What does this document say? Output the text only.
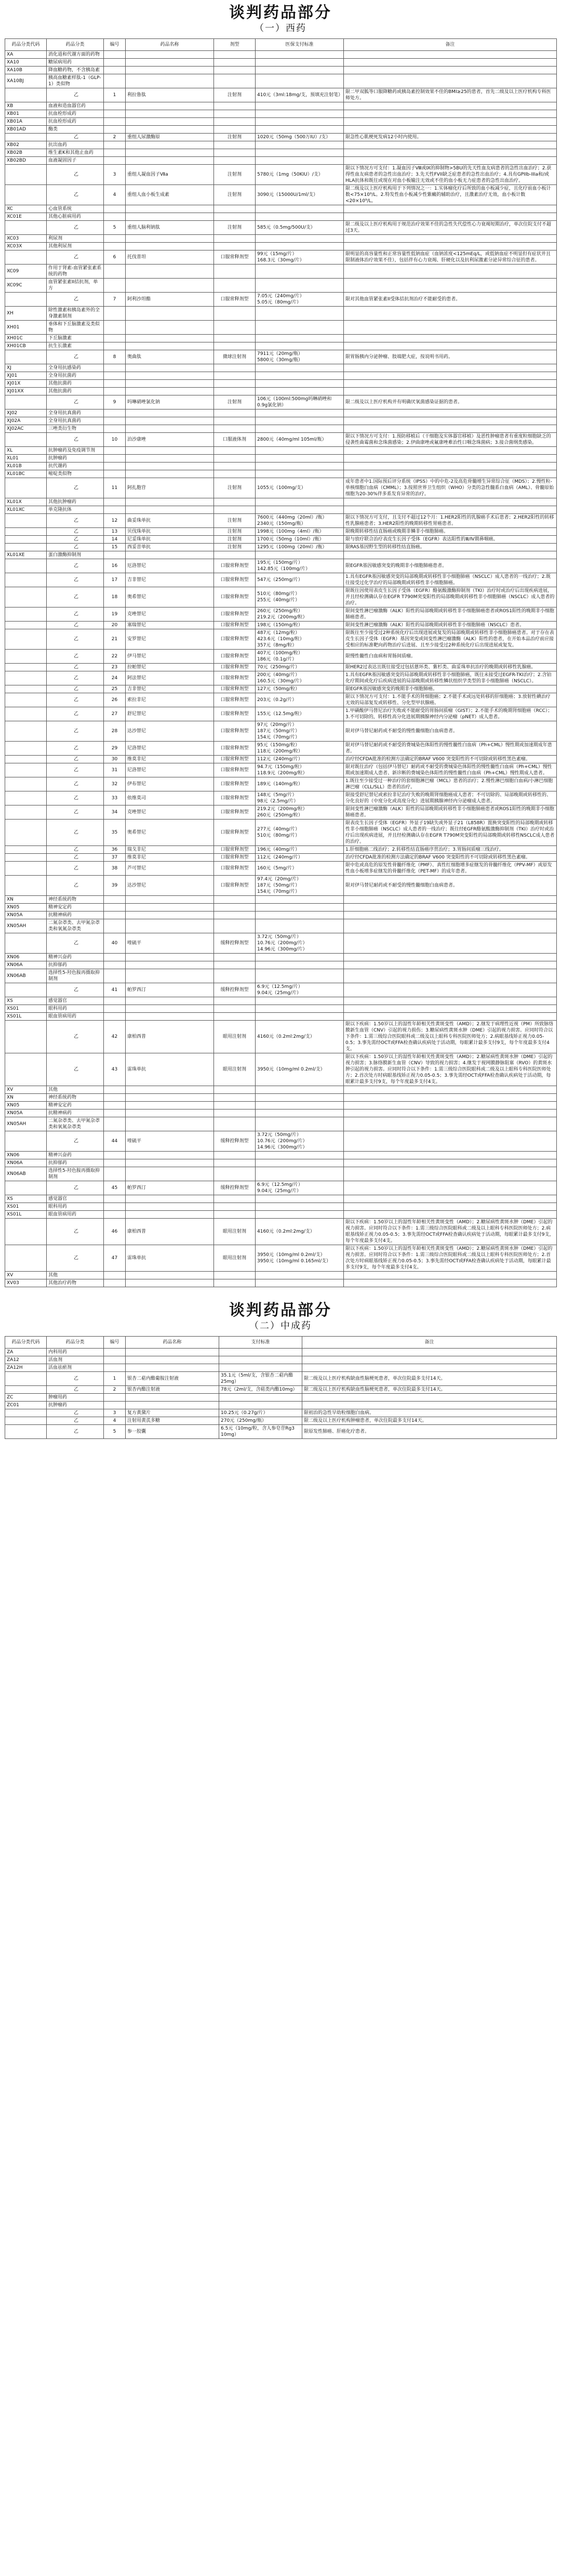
谈判药品部分
（一）西药
药品分类代码	药品分类	编号	药品名称	剂型	医保支付标准	备注
XA	消化道和代谢方面的药物					
XA10	糖尿病用药					
XA10B	降血糖药物，不含胰岛素					
XA10BJ	胰高血糖素样肽-1（GLP-1）类似物					
	乙	1	利拉鲁肽	注射剂	410元（3ml:18mg/支，预填充注射笔）	限二甲双胍等口服降糖药或胰岛素控制效果不佳的BMI≥25的患者，首先二级及以上医疗机构专科医师处方。
XB	血液和造血器官药					
XB01	抗血栓形成药					
XB01A	抗血栓形成药					
XB01AD	酶类					
	乙	2	重组人尿激酶原	注射剂	1020元（50mg（500万IU）/支）	限急性心肌梗死发病12小时内使用。
XB02	抗出血药					
XB02B	维生素K和其他止血药					
XB02BD	血液凝固因子					
	乙	3	重组人凝血因子Ⅶa	注射剂	5780元（1mg（50KIU）/支）	限以下情况方可支付：1.凝血因子Ⅷ或Ⅸ的抑制物>5BU的先天性血友病患者的急性出血治疗；2.获得性血友病患者的急性出血治疗；3.先天性FVII缺乏症患者的急性出血治疗；4.具有GPIIb-IIIa和/或HLA抗体和既往或现在对血小板输注无效或不佳的血小板无力症患者的急性出血治疗。
	乙	4	重组人血小板生成素	注射剂	3090元（15000U/1ml/支）	限二级及以上医疗机构用于下列情况之一：1.实体瘤化疗后所致的血小板减少症，且化疗前血小板计数<75×10⁹/L。2.特发性血小板减少性紫癜的辅助治疗，且激素治疗无效，血小板计数<20×10⁹/L。
XC	心血管系统					
XC01E	其他心脏病用药					
	乙	5	重组人脑利钠肽	注射剂	585元（0.5mg/500U/支）	限二级及以上医疗机构用于规范治疗效果不佳的急性失代偿性心力衰竭短期治疗，单次住院支付不超过3天。
XC03	利尿剂					
XC03X	其他利尿剂					
	乙	6	托伐普坦	口服常释剂型	99元（15mg/片）
168.3元（30mg/片）	限明显的高容量性和正常容量性低钠血症（血钠浓度<125mEq/L，或低钠血症不明显但有症状并且限制液体治疗效果不佳），包括伴有心力衰竭、肝硬化以及抗利尿激素分泌异常综合征的患者。
XC09	作用于肾素-血管紧张素系统的药物					
XC09C	血管紧张素II拮抗剂，单方					
	乙	7	阿利沙坦酯	口服常释剂型	7.05元（240mg/片）
5.05元（80mg/片）	限对其他血管紧张素II受体拮抗剂治疗不能耐受的患者。
XH	除性激素和胰岛素外的全身激素制剂					
XH01	垂体和下丘脑激素及类似物					
XH01C	下丘脑激素					
XH01CB	抗生长激素					
	乙	8	奥曲肽	微球注射剂	7911元（20mg/瓶）
5800元（30mg/瓶）	限胃肠胰内分泌肿瘤、肢端肥大症，按说明书用药。
XJ	全身用抗感染药					
XJ01	全身用抗菌药					
XJ01X	其他抗菌药					
XJ01XX	其他抗菌药					
	乙	9	吗啉硝唑氯化钠	注射剂	106元（100ml:500mg吗啉硝唑和0.9g氯化钠）	限二级及以上医疗机构并有明确厌氧菌感染证据的患者。
XJ02	全身用抗真菌药					
XJ02A	全身用抗真菌药					
XJ02AC	三唑类衍生物					
	乙	10	泊沙康唑	口服液体剂	2800元（40mg/ml 105ml/瓶）	限以下情况方可支付：1.预防移植后（干细胞及实体器官移植）及恶性肿瘤患者有重度粒细胞缺乏的侵袭性曲霉菌和念珠菌感染；2.伊曲康唑或氟康唑难治性口咽念珠菌病；3.接合菌纲类感染。
XL	抗肿瘤药及免疫调节剂					
XL01	抗肿瘤药					
XL01B	抗代谢药					
XL01BC	嘧啶类似物					
	乙	11	阿扎胞苷	注射剂	1055元（100mg/支）	成年患者中1.国际预后评分系统（IPSS）中的中危-2及高危骨髓增生异常综合征（MDS）；2.慢性粒-单核细胞白血病（CMML）；3.按照世界卫生组织（WHO）分类的急性髓系白血病（AML）、骨髓原始细胞为20-30%伴多系发育异常的治疗。
XL01X	其他抗肿瘤药					
XL01XC	单克隆抗体					
	乙	12	曲妥珠单抗	注射剂	7600元（440mg（20ml）/瓶）
2340元（150mg/瓶）	限以下情况方可支付，且支付不超过12个月：1.HER2阳性的乳腺癌手术后患者；2.HER2阳性的转移性乳腺癌患者；3.HER2阳性的晚期转移性胃癌患者。
	乙	13	贝伐珠单抗	注射剂	1998元（100mg（4ml）/瓶）	限晚期转移性结直肠癌或晚期非鳞非小细胞肺癌。
	乙	14	尼妥珠单抗	注射剂	1700元（50mg（10ml）/瓶）	限与放疗联合治疗表皮生长因子受体（EGFR）表达阳性的Ⅲ/Ⅳ期鼻咽癌。
	乙	15	西妥昔单抗	注射剂	1295元（100mg（20ml）/瓶）	限RAS基因野生型的转移性结直肠癌。
XL01XE	蛋白激酶抑制剂					
	乙	16	厄洛替尼	口服常释剂型	195元（150mg/片）
142.85元（100mg/片）	限EGFR基因敏感突变的晚期非小细胞肺癌患者。
	乙	17	吉非替尼	口服常释剂型	547元（250mg/片）	1.具有EGFR基因敏感突变的局部晚期或转移性非小细胞肺癌（NSCLC）成人患者的一线治疗；2.既往接受过化学治疗的局部晚期或转移性非小细胞肺癌。
	乙	18	奥希替尼	口服常释剂型	510元（80mg/片）
255元（40mg/片）	限既往因使用表皮生长因子受体（EGFR）酪氨酸激酶抑制剂（TKI）治疗时或治疗后出现疾病进展，并且经检测确认存在EGFR T790M突变阳性的局部晚期或转移性非小细胞肺癌（NSCLC）成人患者的治疗。
	乙	19	克唑替尼	口服常释剂型	260元（250mg/粒）
219.2元（200mg/粒）	限间变性淋巴瘤激酶（ALK）阳性的局部晚期或转移性非小细胞肺癌患者或ROS1阳性的晚期非小细胞肺癌患者。
	乙	20	塞瑞替尼	口服常释剂型	198元（150mg/粒）	限间变性淋巴瘤激酶（ALK）阳性的局部晚期或转移性非小细胞肺癌（NSCLC）患者。
	乙	21	安罗替尼	口服常释剂型	487元（12mg/粒）
423.6元（10mg/粒）
357元（8mg/粒）	限既往至少接受过2种系统化疗后出现进展或复发的局部晚期或转移性非小细胞肺癌患者。对于存在表皮生长因子受体（EGFR）基因突变或间变性淋巴瘤激酶（ALK）阳性的患者，在开始本品治疗前应接受相应的标准靶向药物治疗后进展、且至少接受过2种系统化疗后出现进展或复发。
	乙	22	伊马替尼	口服常释剂型	407元（100mg/粒）
186元（0.1g/片）	限慢性髓性白血病和胃肠间质瘤。
	乙	23	拉帕替尼	口服常释剂型	70元（250mg/片）	限HER2过表达且既往接受过包括蒽环类、紫杉类、曲妥珠单抗治疗的晚期或转移性乳腺癌。
	乙	24	阿法替尼	口服常释剂型	200元（40mg/片）
160.5元（30mg/片）	1.具有EGFR基因敏感突变的局部晚期或转移性非小细胞肺癌，既往未接受过EGFR-TKI治疗；2.含铂化疗期间或化疗后疾病进展的局部晚期或转移性鳞状组织学类型的非小细胞肺癌（NSCLC）。
	乙	25	吉非替尼	口服常释剂型	127元（50mg/粒）	限EGFR基因敏感突变的晚期非小细胞肺癌。
	乙	26	索拉非尼	口服常释剂型	203元（0.2g/片）	限以下情况方可支付：1.不能手术的肾细胞癌；2.不能手术或远处转移的肝细胞癌；3.放射性碘治疗无效的局部复发或转移性、分化型甲状腺癌。
	乙	27	舒尼替尼	口服常释剂型	155元（12.5mg/粒）	1.甲磺酸伊马替尼治疗失败或不能耐受的胃肠间质瘤（GIST）；2.不能手术的晚期肾细胞癌（RCC）；3.不可切除的，转移性高分化进展期胰腺神经内分泌瘤（pNET）成人患者。
	乙	28	达沙替尼	口服常释剂型	97元（20mg/片）
187元（50mg/片）
154元（70mg/片）	限对伊马替尼耐药或不耐受的慢性髓细胞白血病患者。
	乙	29	尼洛替尼	口服常释剂型	95元（150mg/粒）
118元（200mg/粒）	限对伊马替尼耐药或不耐受的费城染色体阳性的慢性髓性白血病（Ph+CML）慢性期或加速期成年患者。
	乙	30	维莫非尼	口服常释剂型	112元（240mg/片）	治疗经CFDA批准的检测方法确定的BRAF V600 突变阳性的不可切除或转移性黑色素瘤。
	乙	31	尼洛替尼	口服常释剂型	94.7元（150mg/粒）
118.9元（200mg/粒）	限对既往治疗（包括伊马替尼）耐药或不耐受的费城染色体阳性的慢性髓性白血病（Ph+CML）慢性期或加速期成人患者、新诊断的费城染色体阳性的慢性髓性白血病（Ph+CML）慢性期成人患者。
	乙	32	伊布替尼	口服常释剂型	189元（140mg/粒）	1.既往至少接受过一种治疗的套细胞淋巴瘤（MCL）患者的治疗；2.慢性淋巴细胞白血病/小淋巴细胞淋巴瘤（CLL/SLL）患者的治疗。
	乙	33	依维莫司	口服常释剂型	148元（5mg/片）
98元（2.5mg/片）	限接受舒尼替尼或索拉非尼治疗失败的晚期肾细胞癌成人患者；不可切除的、局部晚期或转移性的、分化良好的（中度分化或高度分化）进展期胰腺神经内分泌瘤成人患者。
	乙	34	克唑替尼	口服常释剂型	219.2元（200mg/粒）
260元（250mg/粒）	限间变性淋巴瘤激酶（ALK）阳性的局部晚期或转移性非小细胞肺癌患者或ROS1阳性的晚期非小细胞肺癌患者。
	乙	35	奥希替尼	口服常释剂型	277元（40mg/片）
510元（80mg/片）	限表皮生长因子受体（EGFR）外显子19缺失或外显子21（L858R）置换突变阳性的局部晚期或转移性非小细胞肺癌（NSCLC）成人患者的一线治疗；既往经EGFR酪氨酸激酶抑制剂（TKI）治疗时或治疗后出现疾病进展，并且经检测确认存在EGFR T790M突变阳性的局部晚期或转移性NSCLC成人患者的治疗。
	乙	36	瑞戈非尼	口服常释剂型	196元（40mg/片）	1.肝细胞癌二线治疗；2.转移性结直肠癌序贯治疗；3.胃肠间质瘤三线治疗。
	乙	37	维莫非尼	口服常释剂型	112元（240mg/片）	治疗经CFDA批准的检测方法确定的BRAF V600 突变阳性的不可切除或转移性黑色素瘤。
	乙	38	芦可替尼	口服常释剂型	160元（5mg/片）	限中危或高危的原发性骨髓纤维化（PMF）、真性红细胞增多症继发的骨髓纤维化（PPV-MF）或原发性血小板增多症继发的骨髓纤维化（PET-MF）的成年患者。
	乙	39	达沙替尼	口服常释剂型	97.4元（20mg/片）
187元（50mg/片）
154元（70mg/片）	限对伊马替尼耐药或不耐受的慢性髓细胞白血病患者。
XN	神经系统药物					
XN05	精神安定药					
XN05A	抗精神病药					
XN05AH	二氮杂䓬类、去甲氮杂䓬类和氧氮杂䓬类					
	乙	40	喹硫平	缓释控释剂型	3.72元（50mg/片）
10.76元（200mg/片）
14.96元（300mg/片）	
XN06	精神兴奋药					
XN06A	抗抑郁药					
XN06AB	选择性5-羟色胺再摄取抑制剂					
	乙	41	帕罗西汀	缓释控释剂型	6.9元（12.5mg/片）
9.04元（25mg/片）	
XS	感觉器官					
XS01	眼科用药					
XS01L	眼血管病用药					
	乙	42	康柏西普	眼用注射剂	4160元（0.2ml:2mg/支）	限以下疾病：1.50岁以上的湿性年龄相关性黄斑变性（AMD）；2.继发于病理性近视（PM）所致脉络膜新生血管（CNV）引起的视力损伤；3.糖尿病性黄斑水肿（DME）引起的视力损害。应同时符合以下条件：1.需三级综合医院眼科或二级及以上眼科专科医院医师处方；2.病眼基线矫正视力0.05-0.5；3.事先需经OCT或FFA检查确认疾病处于活动期，每眼累计最多支付9支，每个年度最多支付4支。
	乙	43	雷珠单抗	眼用注射剂	3950元（10mg/ml 0.2ml/支）	限以下疾病：1.50岁以上的湿性年龄相关性黄斑变性（AMD）；2.糖尿病性黄斑水肿（DME）引起的视力损害；3.脉络膜新生血管（CNV）导致的视力损害；4.继发于视网膜静脉阻塞（RVO）的黄斑水肿引起的视力损害。应同时符合以下条件：1.需三级综合医院眼科或二级及以上眼科专科医院医师处方；2.首次处方时病眼基线矫正视力0.05-0.5；3.事先需经OCT或FFA检查确认疾病处于活动期，每眼累计最多支付9支，每个年度最多支付4支。
XV	其他					
XN	神经系统药物					
XN05	精神安定药					
XN05A	抗精神病药					
XN05AH	二氮杂䓬类、去甲氮杂䓬类和氧氮杂䓬类					
	乙	44	喹硫平	缓释控释剂型	3.72元（50mg/片）
10.76元（200mg/片）
14.96元（300mg/片）	
XN06	精神兴奋药					
XN06A	抗抑郁药					
XN06AB	选择性5-羟色胺再摄取抑制剂					
	乙	45	帕罗西汀	缓释控释剂型	6.9元（12.5mg/片）
9.04元（25mg/片）	
XS	感觉器官					
XS01	眼科用药					
XS01L	眼血管病用药					
	乙	46	康柏西普	眼用注射剂	4160元（0.2ml:2mg/支）	限以下疾病：1.50岁以上的湿性年龄相关性黄斑变性（AMD）；2.糖尿病性黄斑水肿（DME）引起的视力损害。应同时符合以下条件：1.需三级综合医院眼科或二级及以上眼科专科医院医师处方；2.病眼基线矫正视力0.05-0.5；3.事先需经OCT或FFA检查确认疾病处于活动期，每眼累计最多支付9支，每个年度最多支付4支。
	乙	47	雷珠单抗	眼用注射剂	3950元（10mg/ml 0.2ml/支）
3950元（10mg/ml 0.165ml/支）	限以下疾病：1.50岁以上的湿性年龄相关性黄斑变性（AMD）；2.糖尿病性黄斑水肿（DME）引起的视力损害。应同时符合以下条件：1.需三级综合医院眼科或二级及以上眼科专科医院医师处方；2.首次处方时病眼基线矫正视力0.05-0.5；3.事先需经OCT或FFA检查确认疾病处于活动期，每眼累计最多支付9支，每个年度最多支付4支。
XV	其他					
XV03	其他治疗药物					
谈判药品部分
（二）中成药
药品分类代码	药品分类	编号	药品名称	支付标准	备注
ZA	内科用药				
ZA12	活血剂				
ZA12H	活血祛瘀剂				
	乙	1	银杏二萜内酯葡胺注射液	35.1元（5ml/支，含银杏二萜内酯25mg）	限二级及以上医疗机构缺血性脑梗死患者，单次住院最多支付14天。
	乙	2	银杏内酯注射液	78元（2ml/支，含萜类内酯10mg）	限二级及以上医疗机构缺血性脑梗死患者，单次住院最多支付14天。
ZC	肿瘤用药				
ZC01	抗肿瘤药				
	乙	3	复方黄黛片	10.25元（0.27g/片）	限初治的急性早幼粒细胞白血病。
	乙	4	注射用黄芪多糖	270元（250mg/瓶）	限二级及以上医疗机构肿瘤患者，单次住院最多支付14天。
	乙	5	参一胶囊	6.5元（10mg/粒，含人参皂苷Rg3 10mg）	限原发性肺癌、肝癌化疗患者。
